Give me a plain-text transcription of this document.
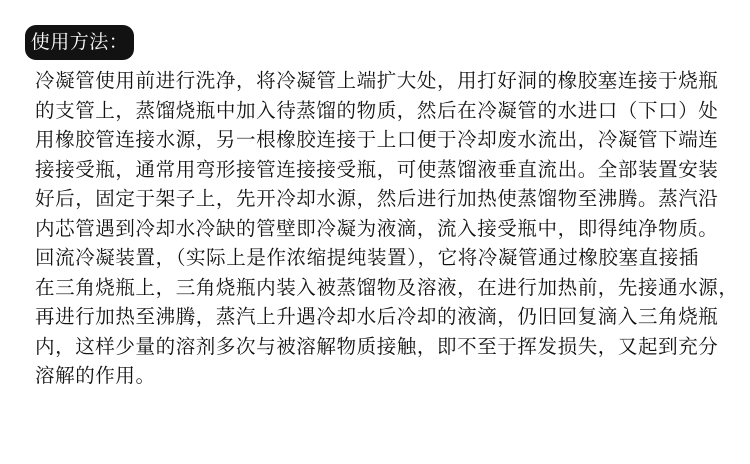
使用方法：

冷凝管使用前进行洗净，将冷凝管上端扩大处，用打好洞的橡胶塞连接于烧瓶

的支管上，蒸馏烧瓶中加入待蒸馏的物质，然后在冷凝管的水进口（下口）处

用橡胶管连接水源，另一根橡胶连接于上口便于冷却废水流出，冷凝管下端连

接接受瓶，通常用弯形接管连接接受瓶，可使蒸馏液垂直流出。全部装置安装

好后，固定于架子上，先开冷却水源，然后进行加热使蒸馏物至沸腾。蒸汽沿

内芯管遇到冷却水冷缺的管壁即冷凝为液滴，流入接受瓶中，即得纯净物质。

回流冷凝装置，（实际上是作浓缩提纯装置），它将冷凝管通过橡胶塞直接插

在三角烧瓶上，三角烧瓶内装入被蒸馏物及溶液，在进行加热前，先接通水源，

再进行加热至沸腾，蒸汽上升遇冷却水后冷却的液滴，仍旧回复滴入三角烧瓶

内，这样少量的溶剂多次与被溶解物质接触，即不至于挥发损失，又起到充分

溶解的作用。
